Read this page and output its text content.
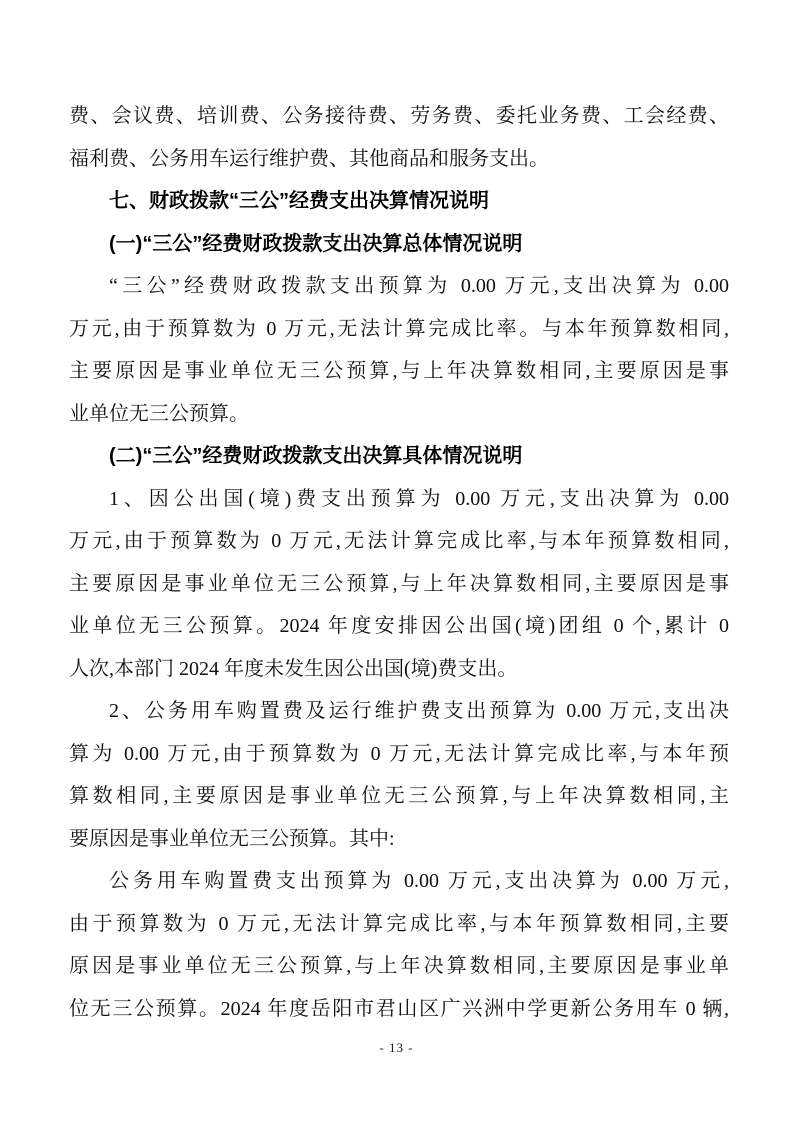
费、会议费、培训费、公务接待费、劳务费、委托业务费、工会经费、
福利费、公务用车运行维护费、其他商品和服务支出。
七、财政拨款“三公”经费支出决算情况说明
(一)“三公”经费财政拨款支出决算总体情况说明
“三公”经费财政拨款支出预算为 0.00 万元,支出决算为 0.00
万元,由于预算数为 0 万元,无法计算完成比率。与本年预算数相同,
主要原因是事业单位无三公预算,与上年决算数相同,主要原因是事
业单位无三公预算。
(二)“三公”经费财政拨款支出决算具体情况说明
1、因公出国(境)费支出预算为 0.00 万元,支出决算为 0.00
万元,由于预算数为 0 万元,无法计算完成比率,与本年预算数相同,
主要原因是事业单位无三公预算,与上年决算数相同,主要原因是事
业单位无三公预算。2024 年度安排因公出国(境)团组 0 个,累计 0
人次,本部门 2024 年度未发生因公出国(境)费支出。
2、公务用车购置费及运行维护费支出预算为 0.00 万元,支出决
算为 0.00 万元,由于预算数为 0 万元,无法计算完成比率,与本年预
算数相同,主要原因是事业单位无三公预算,与上年决算数相同,主
要原因是事业单位无三公预算。其中:
公务用车购置费支出预算为 0.00 万元,支出决算为 0.00 万元,
由于预算数为 0 万元,无法计算完成比率,与本年预算数相同,主要
原因是事业单位无三公预算,与上年决算数相同,主要原因是事业单
位无三公预算。2024 年度岳阳市君山区广兴洲中学更新公务用车 0 辆,
- 13 -
